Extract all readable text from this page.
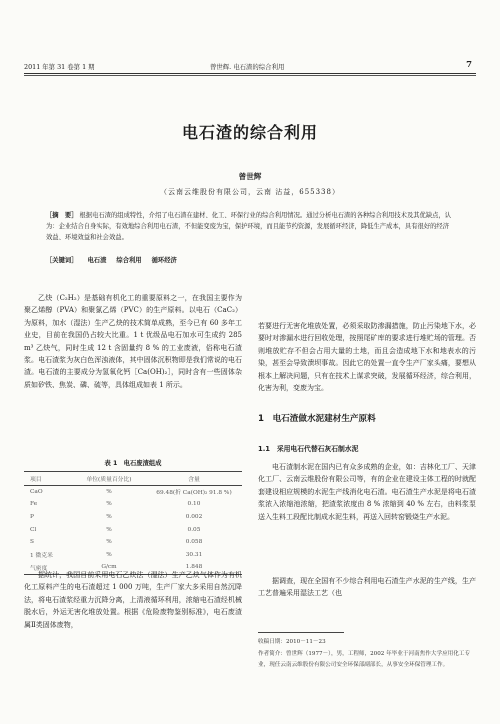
2011 年第 31 卷第 1 期	曾世辉. 电石渣的综合利用	7
电石渣的综合利用
曾世辉
（云南云维股份有限公司，云南 沾益，655338）
［摘　要］ 根据电石渣的组成特性，介绍了电石渣在建材、化工、环保行业的综合利用情况。通过分析电石渣的各种综合利用技术及其优缺点，认为：企业结合自身实际，有效地综合利用电石渣，不但能变废为宝，保护环境，而且能节约资源，发展循环经济，降低生产成本，具有很好的经济效益、环境效益和社会效益。
［关键词］ 电石渣 综合利用 循环经济

乙炔（C₂H₂）是基础有机化工的重要原料之一，在我国主要作为聚乙烯醇（PVA）和聚氯乙烯（PVC）的生产原料。以电石（CaC₂）为原料，加水（湿法）生产乙炔的技术简单成熟，至今已有 60 多年工业史，目前在我国仍占较大比重。1 t 优级品电石加水可生成约 285 m³ 乙炔气，同时生成 12 t 含固量约 8 % 的工业废液，俗称电石渣浆。电石渣浆为灰白色浑浊液体，其中固体沉积物即是我们常说的电石渣。电石渣的主要成分为氢氧化钙［Ca(OH)₂］，同时含有一些固体杂质如矽铁、焦炭、磷、硫等，具体组成如表 1 所示。

表 1　电石废渣组成
项目	单位(质量百分比)	含量
CaO	%	69.48(折 Ca(OH)₂ 91.8 %)
Fe	%	0.10
P	%	0.002
Cl	%	0.05
S	%	0.058
1 微克米	%	30.31
气密度	G/cm	1.848

据统计，我国目前采用电石乙炔法（湿法）生产乙炔气体作为有机化工原料产生的电石渣超过 1 000 万吨，生产厂家大多采用自然沉降法，将电石渣浆经重力沉降分离，上清液循环利用，浓缩电石渣经机械脱水后，外运无害化堆放处置。根据《危险废物鉴别标准》，电石废渣属Ⅱ类固体废物，

若要进行无害化堆放处置，必须采取防渗漏措施，防止污染地下水，必要时对渗漏水进行回收处理，按照尾矿库的要求进行堆贮场的管理。否则堆放贮存不但会占用大量的土地，而且会造成地下水和地表水的污染，甚至会导致溃坝事故。因此它的处置一直令生产厂家头痛，要想从根本上解决问题，只有在技术上谋求突破，发展循环经济，综合利用，化害为利，变废为宝。

1　电石渣做水泥建材生产原料
1.1　采用电石代替石灰石制水泥

电石渣制水泥在国内已有众多成熟的企业，如：吉林化工厂、天津化工厂、云南云维股份有限公司等，有的企业在建设主体工程的时就配套建设相应规模的水泥生产线消化电石渣。电石渣生产水泥是将电石渣浆浓入浓缩池浓缩，把渣浆浓度由 8 % 浓缩到 40 % 左右，由料浆泵送入生料工段配比制成水泥生料，再送入回转窑锻烧生产水泥。

据调查，现在全国有不少综合利用电石渣生产水泥的生产线，生产工艺普遍采用湿法工艺（也

收稿日期：2010－11－23
作者简介：曾世辉（1977－），男，工程师，2002 年毕业于河南焦作大学应用化工专业，现任云南云维股份有限公司安全环保部副部长，从事安全环保管理工作。
